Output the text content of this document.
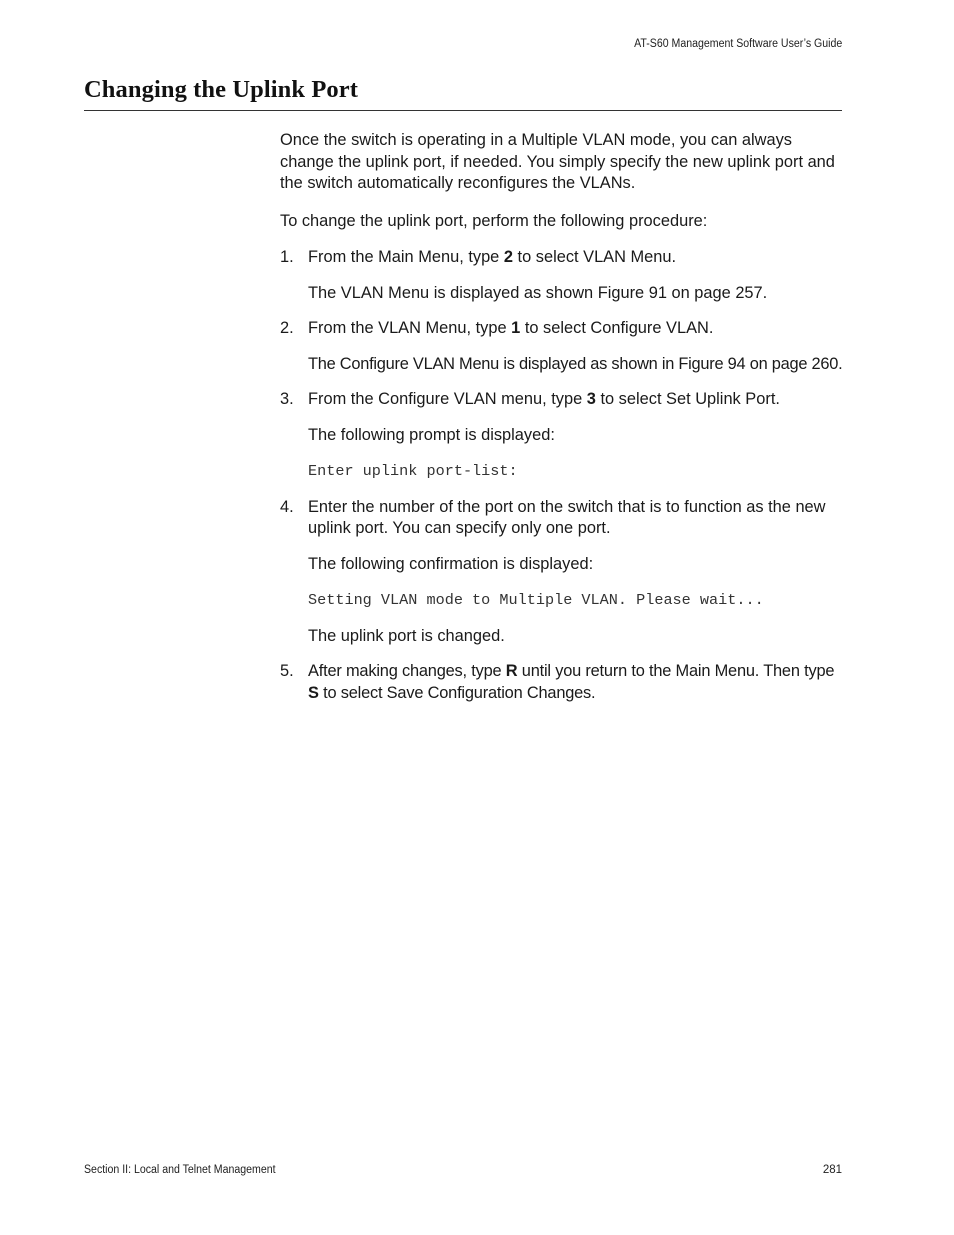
AT-S60 Management Software User’s Guide
Changing the Uplink Port

Once the switch is operating in a Multiple VLAN mode, you can always change the uplink port, if needed. You simply specify the new uplink port and the switch automatically reconfigures the VLANs.

To change the uplink port, perform the following procedure:

1. From the Main Menu, type 2 to select VLAN Menu.

The VLAN Menu is displayed as shown Figure 91 on page 257.

2. From the VLAN Menu, type 1 to select Configure VLAN.

The Configure VLAN Menu is displayed as shown in Figure 94 on page 260.

3. From the Configure VLAN menu, type 3 to select Set Uplink Port.

The following prompt is displayed:

Enter uplink port-list:
4. Enter the number of the port on the switch that is to function as the new uplink port. You can specify only one port.

The following confirmation is displayed:

Setting VLAN mode to Multiple VLAN. Please wait...

The uplink port is changed.

5. After making changes, type R until you return to the Main Menu. Then type S to select Save Configuration Changes.

Section II: Local and Telnet Management	281
